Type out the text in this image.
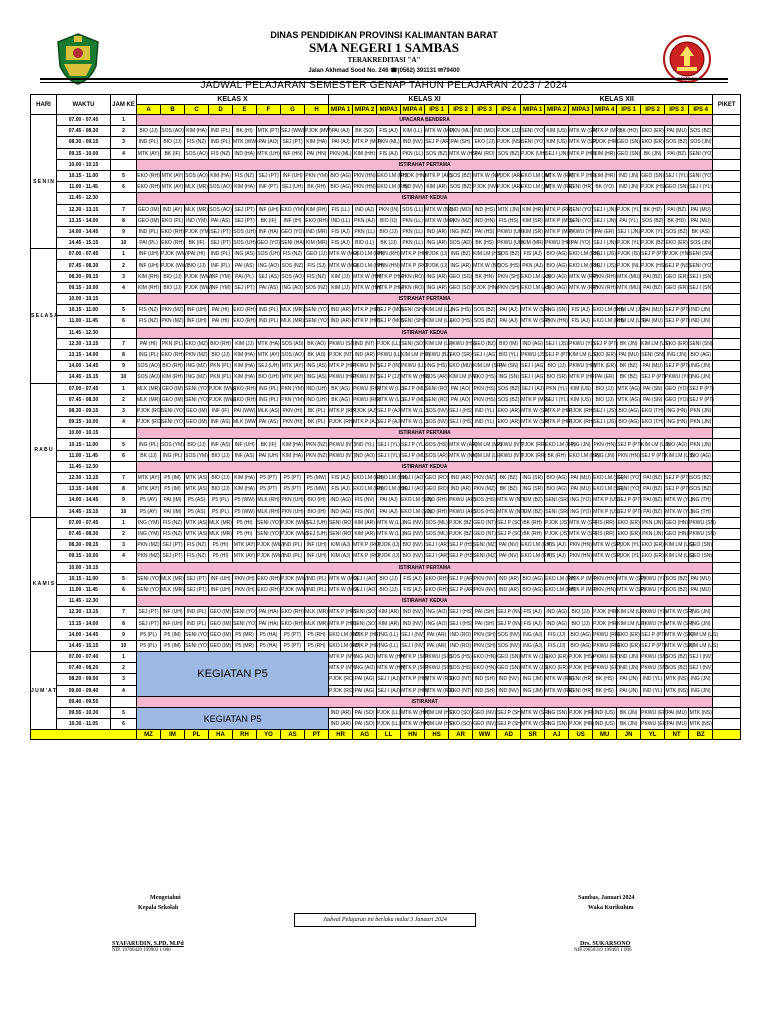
DINAS PENDIDIKAN PROVINSI KALIMANTAN BARAT
SMA NEGERI 1 SAMBAS
TERAKREDITASI "A"
Jalan Akhmad Sood No. 246 ☎(0562) 391131 ✉79400
SAMBAS
JADWAL PELAJARAN SEMESTER GENAP TAHUN PELAJARAN 2023 / 2024
HARI	WAKTU	JAM KE	KELAS X								KELAS XI								KELAS XII								PIKET
			A	B	C	D	E	F	G	H	MIPA 1	MIPA 2	MIPA3	MIPA 4	IPS 1	IPS 2	IPS 3	IPS 4	MIPA 1	MIPA 2	MIPA3	MIPA 4	IPS 1	IPS 2	IPS 3	IPS 4	
S E N I N	07.00 - 07.45	1	UPACARA BENDERA																								
	07.45 - 08.30	2	BIO (JJ)	SOS (AO)	KIM (HA)	IND (PL)	BK (HI)	MTK (PT)	SEJ (WW)	PJOK (MW)	PAI (AJ)	BK (SO)	FIS (AJ)	KIM (LL)	MTK W (MO)	PKN (ML)	IND (MO)	PJOK (JJ)	SENI (YO)	KIM (US)	MTK W (SR)	MTK P (MR)	BK (HO)	EKO (ER)	PAI (MU)	SOS (BZ)	
	08.30 - 09.15	3	IND (PL)	BIO (JJ)	FIS (NZ)	IND (PL)	MTK (WW)	PAI (AO)	SEJ (PT)	KIM (HA)	PAI (AJ)	MTK P (MO)	PKN (ML)	IND (NV)	SEJ P (AR)	PAI (SH)	EKO (JJ)	PJOK (NS)	SENI (YO)	KIM (US)	MTK W (SR)	PJOK (HR)	GEO (SN)	EKO (ER)	SOS (BZ)	SOS (JN)	
	09.15 - 10.00	4	MTK (AY)	BK (IF)	SOS (AO)	FIS (NZ)	IND (HA)	MTK (UH)	INF (HN)	PAI (HN)	PKN (ML)	KIM (HH)	FIS (AJ)	PKN (LL)	SOS (BZ)	MTK W (HS)	PAI (RO)	SOS (BZ)	PJOK (UH)	SEJ I (JN)	MTK P (HR)	KIM (HR)	GEO (SN)	BK (JN)	PAI (BZ)	SENI (YO)	
	10.00 - 10.15		ISTIRAHAT PERTAMA																								
	10.15 - 11.00	5	EKO (RH)	MTK (AY)	SOS (AO)	KIM (HA)	FIS (NZ)	SEJ (PT)	INF (UH)	PKN (YM)	BIO (AG)	PKN (HN)	EKO LM (RH)	PJOK (HN)	MTK P (AR)	SOS (BZ)	MTK W (NV)	PJOK (AR)	EKO LM (JM)	MTK W (RR)	MTK P (HR)	KIM (HR)	IND (JN)	GEO (SN)	SEJ I (YL)	SENI (YO)	
	11.00 - 11.45	6	EKO (RH)	MTK (AY)	MLK (MR)	SOS (AO)	KIM (HA)	INF (PT)	SEJ (UH)	BK (RH)	BIO (AG)	PKN (HN)	EKO LM (RH)	IND (NV)	KIM (AR)	SOS (BZ)	PJOK (NV)	PJOK (AR)	EKO LM (JM)	MTK W (RR)	SENI (HR)	BK (YO)	IND (JN)	PJOK (HS)	GEO (SN)	SEJ I (YL)	
	11.45 - 12.30		ISTIRAHAT KEDUA																								
	12.30 - 13.15	7	GEO (IM)	IND (AY)	MLK (MR)	SOS (AO)	SEJ (PT)	INF (UH)	EKO (YM)	KIM (RH)	FIS (LL)	IND (AJ)	PKN (IN)	SOS (LL)	MTK W (BZ)	IND (MO)	IND (HS)	MTK (JN)	KIM (HR)	MTK P (RR)	SENI (YO)	SEJ I (JN)	PJOK (YL)	BK (HD)	PAI (BZ)	PAI (MU)	
	13.15 - 14.00	8	GEO (IM)	EKO (PL)	IND (YM)	PAI (AS)	SEJ (PT)	BK (IF)	INF (IH)	EKO (RH)	IND (LL)	PKN (AJ)	BIO (IJ)	PKN (LL)	MTK W (MO)	PKN (MZ)	IND (HN)	FIS (HS)	KIM (SR)	MTK P (MU)	SENI (YO)	SEJ I (JN)	PAI (YL)	SOS (BZ)	BK (HD)	PAI (MU)	
	14.00 - 14.45	9	IND (PL)	EKO (RH)	PJOK (YM)	SEJ (PT)	SOS (UH)	INF (HA)	GEO (YO)	IND (MR)	FIS (AJ)	PKN (LL)	BIO (JJ)	PKN (LL)	IND (AR)	ING (MZ)	PAI (HS)	PKWU (UH)	KIM (SR)	MTK P (MR)	PKWU (YO)	PAI (ER)	SEJ I (JN)	PJOK (YL)	SOS (BZ)	BK (AS)	
	14.45 - 15.15	10	PAI (PL)	EKO (RH)	BK (IF)	SEJ (PT)	SOS (UH)	GEO (YO)	SENI (HA)	KIM (MR)	FIS (AJ)	BIO (LL)	BK (JJ)	PKN (LL)	ING (AR)	SOS (AD)	BK (HS)	PKWU (UH)	KIM (MR)	PKWU (HR)	PAI (YO)	SEJ I (JN)	PJOK (YL)	PJOK (BZ)	EKO (ER)	SOS (JN)	
S E L A S A	07.00 - 07.45	1	INF (UH)	PJOK (WW)	PAI (HI)	IND (PL)	ING (AS)	SOS (UH)	FIS (NZ)	GEO (JJ)	MTK W (MO)	EKO LM (RH)	PKN (RH)	MTK P (HH)	PJOK (IJ)	ING (BZ)	KIM LM (HS)	SOS (BZ)	FIS (AJ)	BIO (AG)	EKO LM (RH)	SEJ I (JS)	PJOK (IS)	SEJ P (PT)	PJOK (YN)	SENI (SN)	
	07.45 - 08.30	2	INF (UH)	PJOK (WW)	BIO (JJ)	INF (PL)	PAI (AS)	ING (AO)	SOS (NZ)	FIS (SJ)	MTK W (MO)	EKO LM (HH)	PKN (HN)	MTK P (RO)	PJOK (IJ)	ING (AR)	MTK W (BZ)	SOS (HS)	PKN (AJ)	BIO (AG)	EKO LM (RH)	SEJ I (JS)	PJOK (NL)	PJOK (HS)	SEJ P (NS)	SENI (YO)	
	08.30 - 09.15	3	KIM (RH)	BIO (JJ)	PJOK (WW)	INF (YM)	PAI (PL)	SEJ (AS)	SOS (AO)	FIS (NZ)	KIM (JJ)	MTK W (HH)	MTK P (HN)	PKN (RO)	ING (AR)	GEO (SO)	BK (HN)	PKN (SH)	EKO LM (AJ)	BIO (AG)	MTK W (RR)	PKN (RH)	MTK (MU)	PAI (BZ)	GEO (ER)	SEJ I (SN)	
	09.15 - 10.00	4	KIM (RH)	BIO (JJ)	PJOK (WW)	INF (YM)	SEJ (PT)	PAI (AS)	ING (AO)	SOS (NZ)	KIM (JJ)	MTK W (HH)	MTK P (HN)	PKN (RO)	ING (AR)	GEO (SO)	PJOK (HN)	PKN (SH)	EKO LM (AJ)	BIO (AG)	MTK W (RR)	PKN (RH)	MTK (MU)	PAI (BZ)	GEO (ER)	SEJ I (SN)	
	10.00 - 10.15		ISTIRAHAT PERTAMA																								
	10.15 - 11.00	5	FIS (NZ)	PKN (MZ)	INF (UH)	PAI (HI)	EKO (RH)	IND (PL)	MLK (MR)	SENI (YO)	IND (AR)	MTK P (HR)	SEJ P (MO)	SENI (SH)	KIM LM (LL)	ING (HS)	SOS (BZ)	PAI (AJ)	MTK W (SR)	ING (SN)	FIS (AJ)	EKO LM (RH)	KIM LM (JS)	PAI (MU)	SEJ P (PT)	IND (JN)	
	11.00 - 11.45	6	FIS (NZ)	PKN (MZ)	INF (UH)	PAI (HI)	EKO (RH)	IND (PL)	MLK (MR)	SENI (YO)	IND (AR)	MTK P (HR)	SEJ P (MO)	SENI (SH)	KIM LM (LL)	EKO (HS)	SOS (BZ)	PAI (AJ)	MTK W (SR)	PKN (HN)	FIS (AJ)	EKO LM (RH)	KIM LM (US)	PAI (MU)	SEJ P (PT)	IND (JN)	
	11.45 - 12.30		ISTIRAHAT KEDUA																								
	12.30 - 13.15	7	PAI (HI)	PKN (PL)	EKO (MZ)	BIO (RH)	KIM (JJ)	MTK (HA)	SOS (AS)	BK (AO)	PKWU (SO)	IND (NT)	PJOK (LL)	SENI (SO)	KIM LM (LL)	PKWU (HS)	GEO (BZ)	BIO (IM)	IND (AG)	SEJ I (JS)	PKWU (YL)	SEJ P (PT)	BK (JN)	KIM LM (US)	EKO (ER)	SENI (SN)	
	13.15 - 14.00	8	ING (PL)	EKO (RH)	PKN (MZ)	BIO (JJ)	KIM (HA)	MTK (AY)	SOS (AO)	BK (AS)	PJOK (NT)	IND (AR)	PKWU (LL)	KIM LM (HS)	PKWU (BZ)	EKO (SR)	SEJ I (AG)	BIO (YL)	PKWU (JS)	SEJ P (PT)	KIM LM (US)	EKO (ER)	PAI (MU)	SENI (SN)	ING (JN)	BIO (AG)	
	14.00 - 14.45	9	SOS (AO)	BIO (RH)	ING (MZ)	PKN (PL)	KIM (HA)	SEJ (UH)	MTK (AY)	ING (AS)	MTK P (HR)	PKWU (NT)	SEJ P (IN)	PKWU (LL)	ING (HS)	EKO (MU)	KIM LM (SR)	PAI (SN)	SEJ I (AG)	BIO (JJ)	PKWU (HR)	MTK (ER)	BK (BZ)	PAI (MU)	SEJ P (PT)	ING (JN)	
	14.45 - 15.15	10	SOS (AO)	KIM (RH)	ING (MZ)	PKN (PL)	KIM (HA)	BIO (UH)	MTK (AY)	ING (AS)	PKWU (HR)	PKWU (NT)	SEJ P (JJ)	MTK W (HR)	SOS (AR)	KIM LM (NV)	EKO (HS)	ING (SN)	SEJ I (AG)	BIO (SR)	MTK P (HR)	PAI (ER)	BK (BZ)	SEJ P (PT)	PKWU (YO)	ING (JN)	
R A B U	07.00 - 07.45	1	MLK (MR)	GEO (IM)	SENI (YO)	PJOK (WW)	EKO (RH)	ING (PL)	PKN (YM)	IND (UH)	BK (AG)	PKWU (RO)	MTK W (LL)	SEJ P (ML)	SENI (RO)	PAI (AO)	PKN (HS)	SOS (BZ)	SEJ I (AJ)	PKN (YL)	KIM (US)	BIO (JJ)	MTK (AG)	PAI (SN)	GEO (YO)	SEJ P (PT)	
	07.45 - 08.30	2	MLK (MR)	GEO (IM)	SENI (YO)	PJOK (WW)	EKO (RH)	ING (PL)	PKN (YM)	IND (UH)	BK (AG)	PKWU (RO)	MTK W (LL)	SEJ P (ML)	SENI (RO)	PAI (AO)	PKN (HS)	SOS (BZ)	MTK P (MR)	SEJ I (YL)	KIM (US)	BIO (JJ)	MTK (AG)	PAI (SN)	GEO (YO)	SEJ P (PT)	
	08.30 - 09.15	3	PJOK (RO)	SENI (YO)	GEO (IM)	INF (IF)	PAI (WW)	MLK (AS)	PKN (HI)	BK (PL)	MTK P (RH)	PJOK (AJ)	SEJ P (AJ)	MTK W (LL)	SOS (NV)	SEJ I (HS)	IND (YL)	EKO (AR)	MTK W (SR)	MTK P (HR)	PJOK (RH)	SEJ I (JS)	BIO (AG)	EKO (TH)	ING (HN)	PKN (JN)	
	09.15 - 10.00	4	PJOK (RO)	SENI (YO)	GEO (IM)	INF (AS)	MLK (WW)	PAI (AS)	PKN (HI)	BK (PL)	PJOK (RH)	MTK P (AJ)	SEJ P (AJ)	MTK W (LL)	SOS (NV)	SEJ I (HS)	IND (YL)	EKO (AR)	MTK W (SR)	MTK P (HR)	PJOK (RH)	SEJ I (JS)	BIO (AG)	EKO (TH)	ING (HN)	PKN (JN)	
	10.00 - 10.15		ISTIRAHAT PERTAMA																								
	10.15 - 11.00	5	ING (PL)	SOS (YM)	BIO (JJ)	INF (AS)	INF (UH)	BK (IF)	KIM (HA)	PKN (NZ)	PKWU (NT)	IND (YL)	SEJ I (YL)	SEJ P (YL)	SOS (HS)	MTK W (AR)	KIM LM (MZ)	PKWU (NT)	PJOK (RR)	EKO LM (BR)	ING (JN)	PKN (HN)	SEJ P (PT)	KIM LM (US)	BIO (AG)	PKN (JN)	
	11.00 - 11.45	6	BK (JJ)	ING (PL)	SOS (YM)	BIO (JJ)	INF (AS)	PAI (UH)	KIM (HA)	PKN (NZ)	PKWU (NT)	IND (AO)	SEJ I (YL)	SEJ P (ML)	SOS (AR)	MTK W (NV)	KIM LM (LL)	PKWU (NT)	PJOK (RR)	BK (RH)	EKO LM (BR)	ING (JN)	PKN (HN)	SEJ P (PT)	KIM LM (US)	BIO (AG)	
	11.45 - 12.30		ISTIRAHAT KEDUA																								
	12.30 - 13.15	7	MTK (AY)	P5 (IM)	MTK (AS)	BIO (JJ)	KIM (HA)	P5 (PT)	P5 (PT)	P5 (MW)	FIS (AJ)	EKO LM (RH)	EKO LM (HH)	SEJ I (AO)	GEO (RO)	IND (AR)	PKN (MZ)	BK (BZ)	ING (SR)	BIO (AG)	PAI (MU)	EKO LM (SR)	SENI (YO)	PAI (BZ)	SEJ P (PT)	SOS (BZ)	
	13.15 - 14.00	8	MTK (AY)	P5 (IM)	MTK (AS)	BIO (JJ)	KIM (HA)	P5 (PT)	P5 (PT)	P5 (MW)	FIS (AJ)	EKO LM (RH)	EKO LM (HH)	SEJ I (AO)	GEO (RO)	IND (AR)	PKN (MZ)	BK (BZ)	ING (SR)	BIO (AG)	PAI (MU)	EKO LM (SR)	SENI (YO)	PAI (BZ)	SEJ P (PT)	SOS (BZ)	
	14.00 - 14.45	9	P5 (AY)	PAI (IM)	P5 (AS)	P5 (PL)	P5 (WW)	MLK (RH)	PKN (UH)	BIO (IH)	IND (AG)	FIS (NV)	PAI (AJ)	EKO LM (SO)	IND (RH)	PKWU (AR)	SOS (HS)	MTK W (NT)	KIM (BZ)	SENI (SR)	ING (YO)	MTK P (US)	SEJ P (PT)	PAI (BZ)	MTK W (YL)	ING (TH)	
	14.45 - 15.15	10	P5 (AY)	PAI (IM)	P5 (AS)	P5 (PL)	P5 (WW)	MLK (RH)	PKN (UH)	BIO (IH)	IND (AG)	FIS (NV)	PAI (AJ)	EKO LM (SO)	IND (RH)	PKWU (AR)	SOS (HS)	MTK W (NT)	KIM (BZ)	SENI (SR)	ING (YO)	MTK P (US)	SEJ P (PT)	PAI (BZ)	MTK W (YL)	ING (TH)	
K A M I S	07.00 - 07.45	1	ING (YM)	FIS (NZ)	MTK (AS)	MLK (MR)	P5 (HI)	SENI (YO)	PJOK (WW)	SEJ (UH)	SENI (RO)	KIM (AR)	MTK W (LL)	ING (NV)	SOS (ML)	PJOK (BZ)	GEO (NT)	SEJ P (SO)	BK (RH)	PJOK (JS)	MTK W (SR)	FIS (RR)	EKO (ER)	PKN (JN)	GEO (HN)	PKWU (SN)	
	07.45 - 08.30	2	ING (YM)	FIS (NZ)	MTK (AS)	MLK (MR)	P5 (HI)	SENI (YO)	PJOK (WW)	SEJ (UH)	SENI (RO)	KIM (AR)	MTK W (LL)	ING (NV)	SOS (ML)	PJOK (BZ)	GEO (NT)	SEJ P (SO)	BK (RH)	PJOK (JS)	MTK W (SR)	FIS (RR)	EKO (ER)	PKN (JN)	GEO (HN)	PKWU (SN)	
	08.30 - 09.15	3	PKN (MZ)	SEJ (PT)	FIS (NZ)	P5 (HI)	MTK (AY)	PJOK (WW)	IND (PL)	INF (UH)	KIM (AJ)	MTK P (RO)	PJOK (IJ)	BIO (NV)	SEJ I (AR)	SEJ P (HS)	SENI (MZ)	PAI (NV)	EKO LM (RH)	FIS (AJ)	PKN (HN)	MTK W (SR)	PJOK (YL)	EKO (ER)	KIM LM (US)	GEO (SN)	
	09.15 - 10.00	4	PKN (MZ)	SEJ (PT)	FIS (NZ)	P5 (HI)	MTK (AY)	PJOK (WW)	IND (PL)	INF (UH)	KIM (AJ)	MTK P (RO)	PJOK (IJ)	BIO (NV)	SEJ I (AR)	SEJ P (HS)	SENI (MZ)	PAI (NV)	EKO LM (RH)	FIS (AJ)	PKN (HN)	MTK W (SR)	PJOK (YL)	EKO (ER)	KIM LM (US)	GEO (SN)	
	10.00 - 10.15		ISTIRAHAT PERTAMA																								
	10.15 - 11.00	5	SENI (YO)	MLK (MR)	SEJ (PT)	INF (UH)	PKN (IH)	EKO (RH)	PJOK (WW)	IND (PL)	MTK W (MO)	SEJ I (AO)	BIO (JJ)	FIS (AJ)	EKO (RH)	SEJ P (AR)	PKN (NV)	IND (AR)	BIO (AG)	EKO LM (RH)	MTK P (MR)	PKN (HN)	MTK W (SR)	PKWU (YL)	SOS (BZ)	PAI (MU)	
	11.00 - 11.45	6	SENI (YO)	MLK (MR)	SEJ (PT)	INF (UH)	PKN (IH)	EKO (RH)	PJOK (WW)	IND (PL)	MTK W (MO)	SEJ I (AO)	BIO (JJ)	FIS (AJ)	EKO (RH)	SEJ P (AR)	PKN (NV)	IND (AR)	BIO (AG)	EKO LM (RH)	MTK P (MR)	PKN (HN)	MTK W (SR)	PKWU (YL)	SOS (BZ)	PAI (MU)	
	11.45 - 12.30		ISTIRAHAT KEDUA																								
	12.30 - 13.15	7	SEJ (PT)	INF (UH)	IND (PL)	GEO (IM)	SENI (YO)	PAI (HA)	EKO (RH)	MLK (MR)	MTK P (HR)	SENI (SO)	KIM (AR)	IND (NV)	ING (AO)	SEJ I (HS)	PAI (SH)	SEJ P (NV)	FIS (AJ)	IND (AG)	BIO (JJ)	PJOK (HR)	KIM LM (US)	PKWU (YL)	MTK W (SR)	ING (JN)	
	13.15 - 14.00	8	SEJ (PT)	INF (UH)	IND (PL)	GEO (IM)	SENI (YO)	PAI (HA)	EKO (RH)	MLK (MR)	MTK P (HR)	SENI (SO)	KIM (AR)	IND (NV)	ING (AO)	SEJ I (HS)	PAI (SH)	SEJ P (NV)	FIS (AJ)	IND (AG)	BIO (JJ)	PJOK (HR)	KIM LM (US)	PKWU (YL)	MTK W (SR)	ING (JN)	
	14.00 - 14.45	9	P5 (PL)	P5 (IM)	SENI (YO)	GEO (IM)	P5 (MR)	P5 (HA)	P5 (PT)	P5 (RH)	EKO LM (RO)	MTK P (HR)	ING (LL)	SEJ I (NV)	PAI (AR)	IND (RO)	PKN (SH)	SOS (NV)	ING (AJ)	FIS (JJ)	BIO (AG)	PKWU (RR)	EKO (ER)	SEJ P (PT)	MTK W (SR)	KIM LM (US)	
	14.45 - 15.15	10	P5 (PL)	P5 (IM)	SENI (YO)	GEO (IM)	P5 (MR)	P5 (HA)	P5 (PT)	P5 (RH)	EKO LM (RO)	MTK P (HR)	ING (LL)	SEJ I (NV)	PAI (AR)	IND (RO)	PKN (SH)	SOS (NV)	ING (AJ)	FIS (JJ)	BIO (AG)	PKWU (RR)	EKO (ER)	SEJ P (PT)	MTK W (SR)	KIM LM (US)	
J U M ' A T	07.00 - 07.40	1	KEGIATAN P5								MTK P (NV)	ING (AO)	MTK W (HH)	MTK P (SO)	PKWU (SO)	SOS (HS)	EKO (HN)	GEO (SN)	MTK W (JS)	EKO (ER)	PJOK (HS)	PKWU (ER)	IND (JN)	PKWU (SN)	SOS (BZ)	SEJ I (NV)	
	07.40 - 08.20	2									MTK P (NV)	ING (AO)	MTK W (HH)	MTK P (SO)	PKWU (SO)	SOS (HS)	EKO (HN)	GEO (SN)	MTK W (JS)	EKO (ER)	PJOK (HS)	PKWU (ER)	IND (JN)	PKWU (SN)	SOS (BZ)	SEJ I (NV)	
	08.20 - 09.00	3									PJOK (RO)	PAI (AG)	SEJ I (AJ)	MTK P (HH)	MTK W (RO)	EKO (NT)	IND (SH)	IND (NV)	ING (JM)	MTK W (RR)	SENI (HR)	BK (HS)	PAI (JN)	IND (YL)	MTK (NS)	ING (JN)	
	09.00 - 09.40	4									PJOK (RO)	PAI (AG)	SEJ I (AJ)	MTK P (HH)	MTK W (RO)	EKO (NT)	IND (SH)	IND (NV)	ING (JM)	MTK W (RR)	SENI (HR)	BK (HS)	PAI (JN)	IND (YL)	MTK (NS)	ING (JN)	
	09.40 - 09.55		ISTIRAHAT																								
	09.55 - 10.30	5	KEGIATAN P5								IND (AR)	PAI (SO)	PJOK (LL)	MTK W (HH)	KIM LM (HS)	EKO (SO)	GEO (NV)	SEJ P (SH)	MTK W (SR)	ING (SN)	PJOK (HR)	IND (US)	BK (JN)	PKWU (ER)	PAI (MU)	MTK (NS)	
	10.30 - 11.05	6									IND (AR)	PAI (SO)	PJOK (LL)	MTK W (HH)	KIM LM (HS)	EKO (SO)	GEO (NV)	SEJ P (SH)	MTK W (SR)	ING (SN)	PJOK (HR)	IND (US)	BK (JN)	PKWU (ER)	PAI (MU)	MTK (NS)	
			MZ	IM	PL	HA	RH	YO	AS	PT	HR	AG	LL	HN	HS	AR	WW	AD	SR	AJ	US	MU	JN	YL	NT	BZ	
Mengetahui
Kepala Sekolah
Sambas, Januari 2024
Waka Kurikulum
Jadwal Pelajaran ini berlaku mulai 3 Januari 2024
SYAFARUDIN, S.PD, M.Pd
NIP. 19700420 199903 1 008
Drs. SUKARSONO
NIP.19650319 199403 1 006
